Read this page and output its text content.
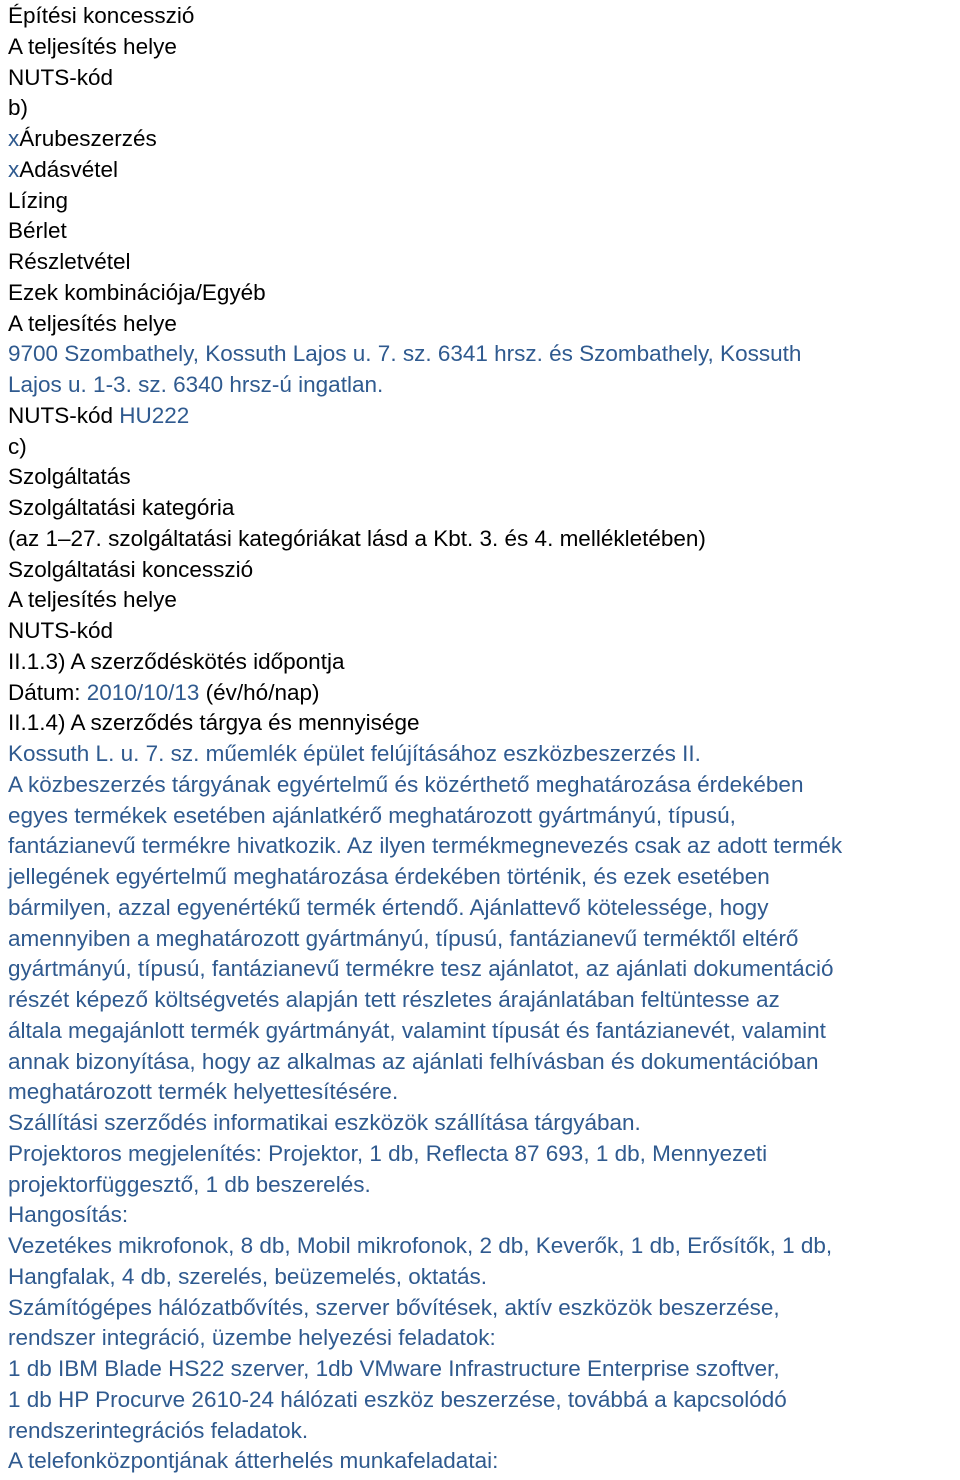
Építési koncesszió
A teljesítés helye
NUTS-kód
b)
xÁrubeszerzés
xAdásvétel
Lízing
Bérlet
Részletvétel
Ezek kombinációja/Egyéb
A teljesítés helye
9700 Szombathely, Kossuth Lajos u. 7. sz. 6341 hrsz. és Szombathely, Kossuth
Lajos u. 1-3. sz. 6340 hrsz-ú ingatlan.
NUTS-kód HU222
c)
Szolgáltatás
Szolgáltatási kategória
(az 1–27. szolgáltatási kategóriákat lásd a Kbt. 3. és 4. mellékletében)
Szolgáltatási koncesszió
A teljesítés helye
NUTS-kód
II.1.3) A szerződéskötés időpontja
Dátum: 2010/10/13 (év/hó/nap)
II.1.4) A szerződés tárgya és mennyisége
Kossuth L. u. 7. sz. műemlék épület felújításához eszközbeszerzés II.
A közbeszerzés tárgyának egyértelmű és közérthető meghatározása érdekében
egyes termékek esetében ajánlatkérő meghatározott gyártmányú, típusú,
fantázianevű termékre hivatkozik. Az ilyen termékmegnevezés csak az adott termék
jellegének egyértelmű meghatározása érdekében történik, és ezek esetében
bármilyen, azzal egyenértékű termék értendő. Ajánlattevő kötelessége, hogy
amennyiben a meghatározott gyártmányú, típusú, fantázianevű terméktől eltérő
gyártmányú, típusú, fantázianevű termékre tesz ajánlatot, az ajánlati dokumentáció
részét képező költségvetés alapján tett részletes árajánlatában feltüntesse az
általa megajánlott termék gyártmányát, valamint típusát és fantázianevét, valamint
annak bizonyítása, hogy az alkalmas az ajánlati felhívásban és dokumentációban
meghatározott termék helyettesítésére.
Szállítási szerződés informatikai eszközök szállítása tárgyában.
Projektoros megjelenítés: Projektor, 1 db, Reflecta 87 693, 1 db, Mennyezeti
projektorfüggesztő, 1 db beszerelés.
Hangosítás:
Vezetékes mikrofonok, 8 db, Mobil mikrofonok, 2 db, Keverők, 1 db, Erősítők, 1 db,
Hangfalak, 4 db, szerelés, beüzemelés, oktatás.
Számítógépes hálózatbővítés, szerver bővítések, aktív eszközök beszerzése,
rendszer integráció, üzembe helyezési feladatok:
1 db IBM Blade HS22 szerver, 1db VMware Infrastructure Enterprise szoftver,
1 db HP Procurve 2610-24 hálózati eszköz beszerzése, továbbá a kapcsolódó
rendszerintegrációs feladatok.
A telefonközpontjának átterhelés munkafeladatai:
